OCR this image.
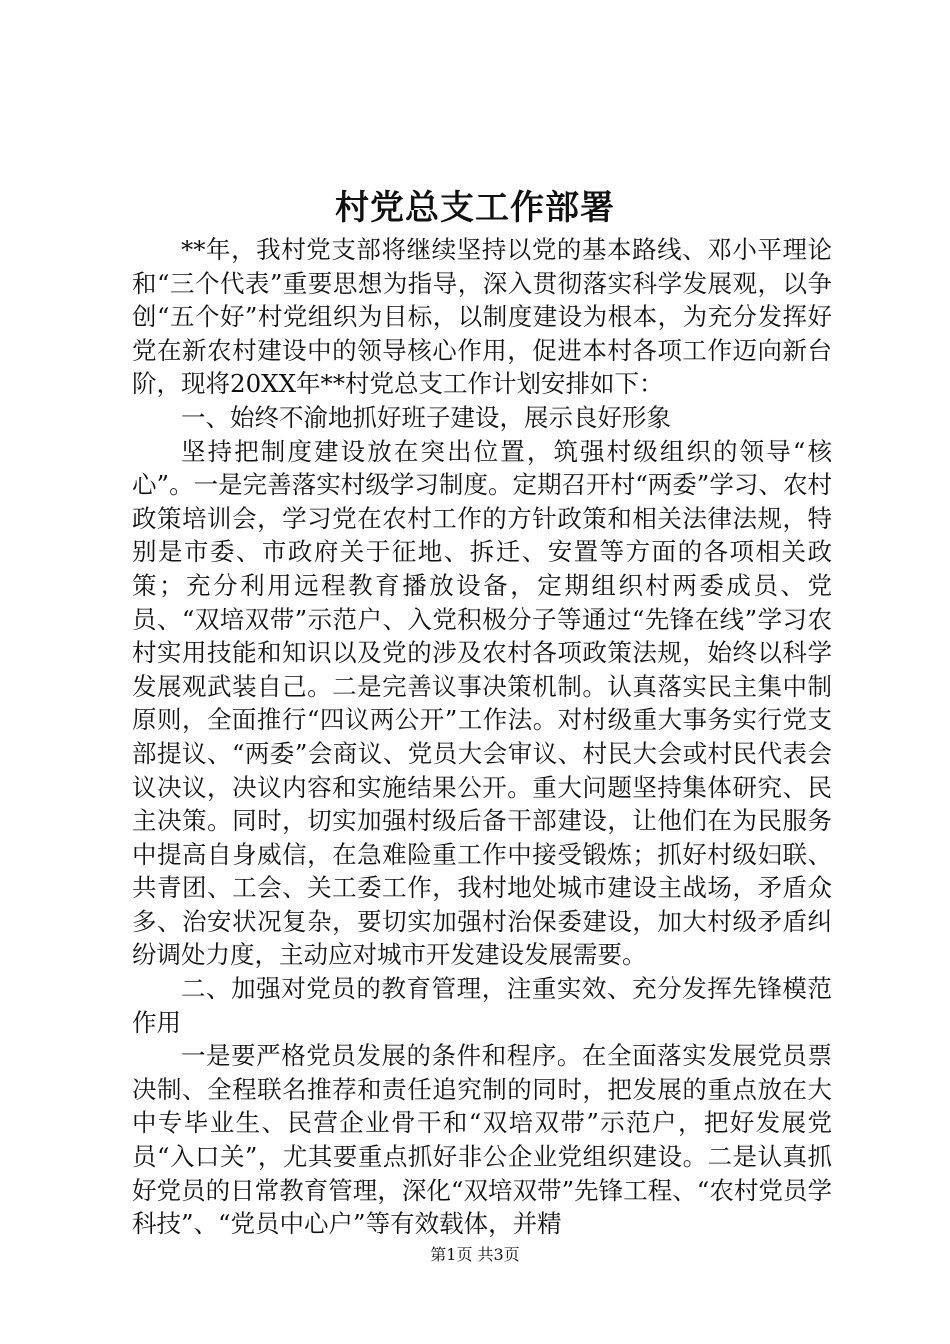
村党总支工作部署

**年，我村党支部将继续坚持以党的基本路线、邓小平理论和“三个代表”重要思想为指导，深入贯彻落实科学发展观，以争创“五个好”村党组织为目标，以制度建设为根本，为充分发挥好党在新农村建设中的领导核心作用，促进本村各项工作迈向新台阶，现将20XX年**村党总支工作计划安排如下：

一、始终不渝地抓好班子建设，展示良好形象

坚持把制度建设放在突出位置，筑强村级组织的领导“核心”。一是完善落实村级学习制度。定期召开村“两委”学习、农村政策培训会，学习党在农村工作的方针政策和相关法律法规，特别是市委、市政府关于征地、拆迁、安置等方面的各项相关政策；充分利用远程教育播放设备，定期组织村两委成员、党员、“双培双带”示范户、入党积极分子等通过“先锋在线”学习农村实用技能和知识以及党的涉及农村各项政策法规，始终以科学发展观武装自己。二是完善议事决策机制。认真落实民主集中制原则，全面推行“四议两公开”工作法。对村级重大事务实行党支部提议、“两委”会商议、党员大会审议、村民大会或村民代表会议决议，决议内容和实施结果公开。重大问题坚持集体研究、民主决策。同时，切实加强村级后备干部建设，让他们在为民服务中提高自身威信，在急难险重工作中接受锻炼；抓好村级妇联、共青团、工会、关工委工作，我村地处城市建设主战场，矛盾众多、治安状况复杂，要切实加强村治保委建设，加大村级矛盾纠纷调处力度，主动应对城市开发建设发展需要。

二、加强对党员的教育管理，注重实效、充分发挥先锋模范作用

一是要严格党员发展的条件和程序。在全面落实发展党员票决制、全程联名推荐和责任追究制的同时，把发展的重点放在大中专毕业生、民营企业骨干和“双培双带”示范户，把好发展党员“入口关”，尤其要重点抓好非公企业党组织建设。二是认真抓好党员的日常教育管理，深化“双培双带”先锋工程、“农村党员学科技”、“党员中心户”等有效载体，并精

第1页 共3页
